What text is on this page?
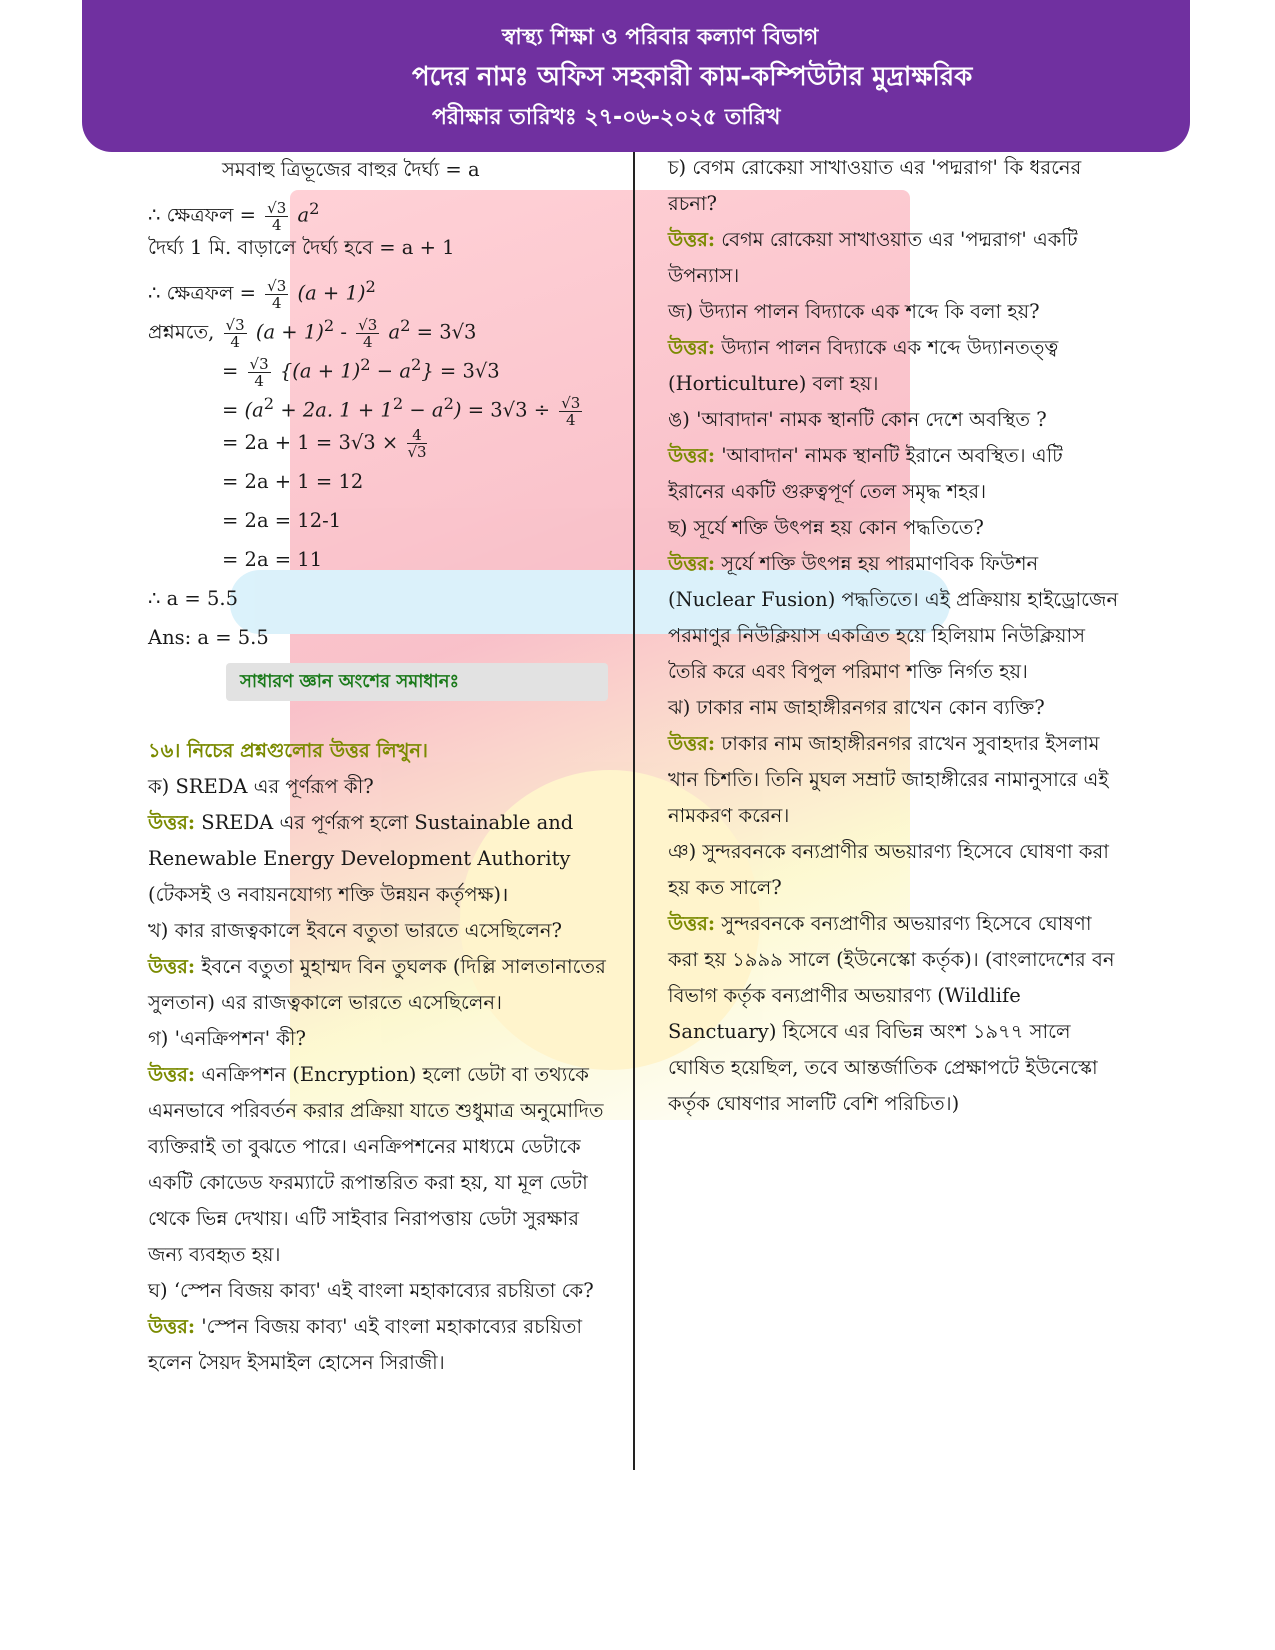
স্বাস্থ্য শিক্ষা ও পরিবার কল্যাণ বিভাগ
পদের নামঃ অফিস সহকারী কাম-কম্পিউটার মুদ্রাক্ষরিক
পরীক্ষার তারিখঃ ২৭-০৬-২০২৫ তারিখ

সমবাহু ত্রিভূজের বাহুর দৈর্ঘ্য = a

∴ ক্ষেত্রফল = $\frac{√3}{4} a^2$

দৈর্ঘ্য 1 মি. বাড়ালে দৈর্ঘ্য হবে = a + 1

∴ ক্ষেত্রফল = $\frac{√3}{4} (a + 1)^2$

প্রশ্নমতে, $\frac{√3}{4} (a + 1)^2 - \frac{√3}{4} a^2 = 3√3$

= $\frac{√3}{4} \{(a + 1)^2 - a^2\} = 3√3$

= ($a^2 + 2a$. $1 + 1^2 - a^2) = 3√3 \div \frac{√3}{4}$

= $2a + 1 = 3√3 \times \frac{4}{√3}$

= 2a + 1 = 12

= 2a = 12-1

= 2a = 11

∴ a = 5.5

Ans: a = 5.5

সাধারণ জ্ঞান অংশের সমাধানঃ

১৬। নিচের প্রশ্নগুলোর উত্তর লিখুন।

ক) SREDA এর পূর্ণরূপ কী?

উত্তর: SREDA এর পূর্ণরূপ হলো Sustainable and Renewable Energy Development Authority (টেকসই ও নবায়নযোগ্য শক্তি উন্নয়ন কর্তৃপক্ষ)।

খ) কার রাজত্বকালে ইবনে বতুতা ভারতে এসেছিলেন?

উত্তর: ইবনে বতুতা মুহাম্মদ বিন তুঘলক (দিল্লি সালতানাতের সুলতান) এর রাজত্বকালে ভারতে এসেছিলেন।

গ) 'এনক্রিপশন' কী?

উত্তর: এনক্রিপশন (Encryption) হলো ডেটা বা তথ্যকে এমনভাবে পরিবর্তন করার প্রক্রিয়া যাতে শুধুমাত্র অনুমোদিত ব্যক্তিরাই তা বুঝতে পারে। এনক্রিপশনের মাধ্যমে ডেটাকে একটি কোডেড ফরম্যাটে রূপান্তরিত করা হয়, যা মূল ডেটা থেকে ভিন্ন দেখায়। এটি সাইবার নিরাপত্তায় ডেটা সুরক্ষার জন্য ব্যবহৃত হয়।

ঘ) ‘স্পেন বিজয় কাব্য' এই বাংলা মহাকাব্যের রচয়িতা কে?

উত্তর: 'স্পেন বিজয় কাব্য' এই বাংলা মহাকাব্যের রচয়িতা হলেন সৈয়দ ইসমাইল হোসেন সিরাজী।

চ) বেগম রোকেয়া সাখাওয়াত এর 'পদ্মরাগ' কি ধরনের রচনা?

উত্তর: বেগম রোকেয়া সাখাওয়াত এর 'পদ্মরাগ' একটি উপন্যাস।

জ) উদ্যান পালন বিদ্যাকে এক শব্দে কি বলা হয়?

উত্তর: উদ্যান পালন বিদ্যাকে এক শব্দে উদ্যানতত্ত্ব (Horticulture) বলা হয়।

ঙ) 'আবাদান' নামক স্থানটি কোন দেশে অবস্থিত ?

উত্তর: 'আবাদান' নামক স্থানটি ইরানে অবস্থিত। এটি ইরানের একটি গুরুত্বপূর্ণ তেল সমৃদ্ধ শহর।

ছ) সূর্যে শক্তি উৎপন্ন হয় কোন পদ্ধতিতে?

উত্তর: সূর্যে শক্তি উৎপন্ন হয় পারমাণবিক ফিউশন (Nuclear Fusion) পদ্ধতিতে। এই প্রক্রিয়ায় হাইড্রোজেন পরমাণুর নিউক্লিয়াস একত্রিত হয়ে হিলিয়াম নিউক্লিয়াস তৈরি করে এবং বিপুল পরিমাণ শক্তি নির্গত হয়।

ঝ) ঢাকার নাম জাহাঙ্গীরনগর রাখেন কোন ব্যক্তি?

উত্তর: ঢাকার নাম জাহাঙ্গীরনগর রাখেন সুবাহদার ইসলাম খান চিশতি। তিনি মুঘল সম্রাট জাহাঙ্গীরের নামানুসারে এই নামকরণ করেন।

ঞ) সুন্দরবনকে বন্যপ্রাণীর অভয়ারণ্য হিসেবে ঘোষণা করা হয় কত সালে?

উত্তর: সুন্দরবনকে বন্যপ্রাণীর অভয়ারণ্য হিসেবে ঘোষণা করা হয় ১৯৯৯ সালে (ইউনেস্কো কর্তৃক)। (বাংলাদেশের বন বিভাগ কর্তৃক বন্যপ্রাণীর অভয়ারণ্য (Wildlife Sanctuary) হিসেবে এর বিভিন্ন অংশ ১৯৭৭ সালে ঘোষিত হয়েছিল, তবে আন্তর্জাতিক প্রেক্ষাপটে ইউনেস্কো কর্তৃক ঘোষণার সালটি বেশি পরিচিত।)
